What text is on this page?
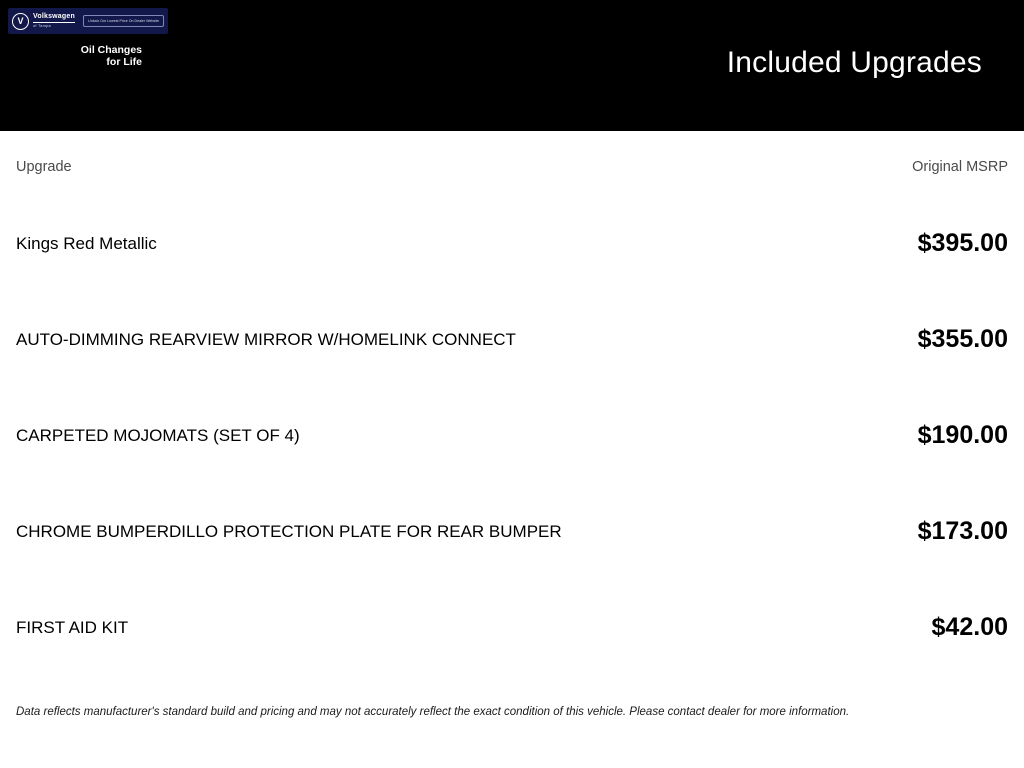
V
Volkswagen
of Tampa
Unlock Our Lowest Price On Dealer Website
Oil Changes
for Life	Included Upgrades
Upgrade	Original MSRP
Kings Red Metallic	$395.00
AUTO-DIMMING REARVIEW MIRROR W/HOMELINK CONNECT	$355.00
CARPETED MOJOMATS (SET OF 4)	$190.00
CHROME BUMPERDILLO PROTECTION PLATE FOR REAR BUMPER	$173.00
FIRST AID KIT	$42.00
Data reflects manufacturer's standard build and pricing and may not accurately reflect the exact condition of this vehicle. Please contact dealer for more information.
